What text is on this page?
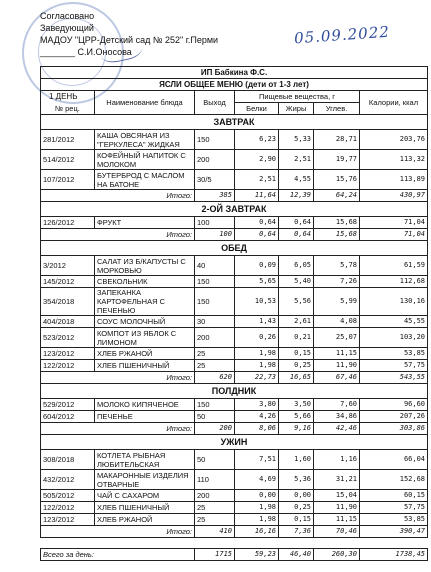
Согласовано
Заведующий
МАДОУ "ЦРР-Детский сад № 252" г.Перми
_______ С.И.Оносова
05.09.2022
ИП Бабкина Ф.С.						
ЯСЛИ ОБЩЕЕ МЕНЮ (дети от 1-3 лет)						

1 ДЕНЬ
№ рец.	Наименование блюда	Выход	Пищевые вещества, г			Калории, ккал
			Белки	Жиры	Углев.	
ЗАВТРАК						
281/2012	КАША ОВСЯНАЯ ИЗ "ГЕРКУЛЕСА" ЖИДКАЯ	150	6,23	5,33	28,71	203,76
514/2012	КОФЕЙНЫЙ НАПИТОК С МОЛОКОМ	200	2,90	2,51	19,77	113,32
107/2012	БУТЕРБРОД С МАСЛОМ НА БАТОНЕ	30/5	2,51	4,55	15,76	113,89
Итого:		385	11,64	12,39	64,24	430,97
2-ОЙ ЗАВТРАК						
126/2012	ФРУКТ	100	0,64	0,64	15,68	71,04
Итого:		100	0,64	0,64	15,68	71,04
ОБЕД						
3/2012	САЛАТ ИЗ Б/КАПУСТЫ С МОРКОВЬЮ	40	0,09	6,05	5,78	61,59
145/2012	СВЕКОЛЬНИК	150	5,65	5,40	7,26	112,68
354/2018	ЗАПЕКАНКА КАРТОФЕЛЬНАЯ С ПЕЧЕНЬЮ	150	10,53	5,56	5,99	130,16
404/2018	СОУС МОЛОЧНЫЙ	30	1,43	2,61	4,08	45,55
523/2012	КОМПОТ ИЗ ЯБЛОК С ЛИМОНОМ	200	0,26	0,21	25,07	103,20
123/2012	ХЛЕБ РЖАНОЙ	25	1,98	0,15	11,15	53,85
122/2012	ХЛЕБ ПШЕНИЧНЫЙ	25	1,98	0,25	11,90	57,75
Итого:		620	22,73	16,65	67,46	543,55
ПОЛДНИК						
529/2012	МОЛОКО КИПЯЧЕНОЕ	150	3,80	3,50	7,60	96,60
604/2012	ПЕЧЕНЬЕ	50	4,26	5,66	34,86	207,26
Итого:		200	8,06	9,16	42,46	303,86
УЖИН						
308/2018	КОТЛЕТА РЫБНАЯ ЛЮБИТЕЛЬСКАЯ	50	7,51	1,60	1,16	66,04
432/2012	МАКАРОННЫЕ ИЗДЕЛИЯ ОТВАРНЫЕ	110	4,69	5,36	31,21	152,68
505/2012	ЧАЙ С САХАРОМ	200	0,00	0,00	15,04	60,15
122/2012	ХЛЕБ ПШЕНИЧНЫЙ	25	1,98	0,25	11,90	57,75
123/2012	ХЛЕБ РЖАНОЙ	25	1,98	0,15	11,15	53,85
Итого:		410	16,16	7,36	70,46	390,47

Всего за день:		1715	59,23	46,40	260,30	1738,45
